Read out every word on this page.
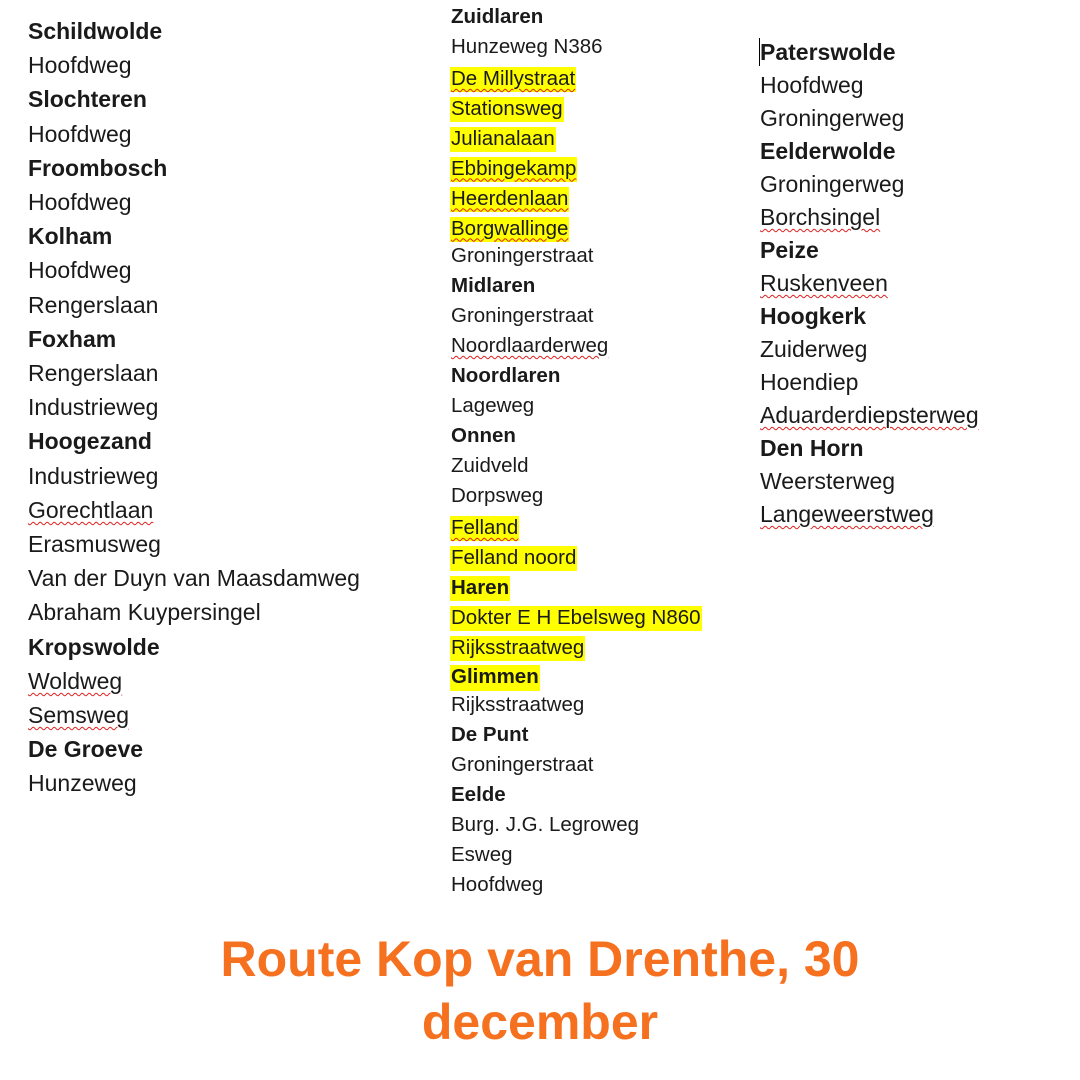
Schildwolde
Hoofdweg
Slochteren
Hoofdweg
Froombosch
Hoofdweg
Kolham
Hoofdweg
Rengerslaan
Foxham
Rengerslaan
Industrieweg
Hoogezand
Industrieweg
Gorechtlaan
Erasmusweg
Van der Duyn van Maasdamweg
Abraham Kuypersingel
Kropswolde
Woldweg
Semsweg
De Groeve
Hunzeweg
Zuidlaren
Hunzeweg N386
De Millystraat
Stationsweg
Julianalaan
Ebbingekamp
Heerdenlaan
Borgwallinge
Groningerstraat
Midlaren
Groningerstraat
Noordlaarderweg
Noordlaren
Lageweg
Onnen
Zuidveld
Dorpsweg
Felland
Felland noord
Haren
Dokter E H Ebelsweg N860
Rijksstraatweg
Glimmen
Rijksstraatweg
De Punt
Groningerstraat
Eelde
Burg. J.G. Legroweg
Esweg
Hoofdweg
Paterswolde
Hoofdweg
Groningerweg
Eelderwolde
Groningerweg
Borchsingel
Peize
Ruskenveen
Hoogkerk
Zuiderweg
Hoendiep
Aduarderdiepsterweg
Den Horn
Weersterweg
Langeweerstweg
Route Kop van Drenthe, 30
december
